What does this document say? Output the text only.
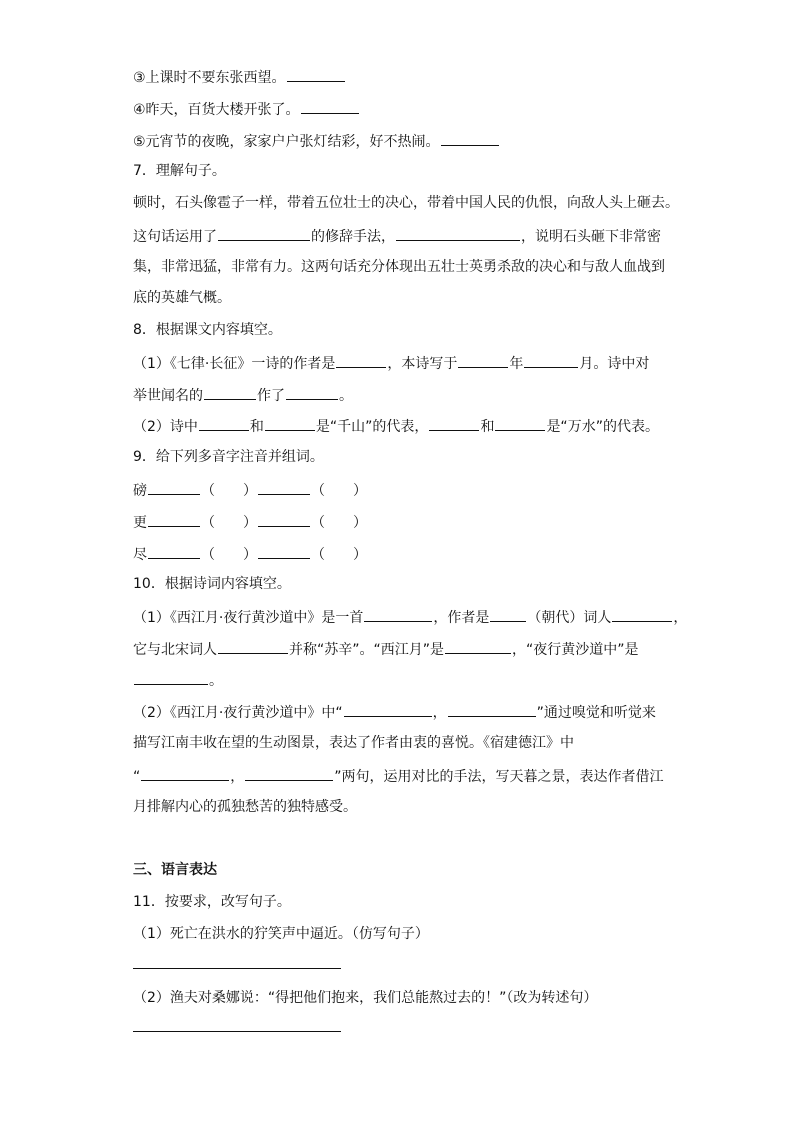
③上课时不要东张西望。
④昨天，百货大楼开张了。
⑤元宵节的夜晚，家家户户张灯结彩，好不热闹。
7．理解句子。
顿时，石头像雹子一样，带着五位壮士的决心，带着中国人民的仇恨，向敌人头上砸去。
这句话运用了	的修辞手法，	，说明石头砸下非常密
集，非常迅猛，非常有力。这两句话充分体现出五壮士英勇杀敌的决心和与敌人血战到
底的英雄气概。
8．根据课文内容填空。
（1）《七律·长征》一诗的作者是	，本诗写于	年	月。诗中对
举世闻名的	作了	。
（2）诗中	和	是“千山”的代表，	和	是“万水”的代表。
9．给下列多音字注音并组词。
磅	（ ）	（ ）
更	（ ）	（ ）
尽	（ ）	（ ）
10．根据诗词内容填空。
（1）《西江月·夜行黄沙道中》是一首	，作者是	（朝代）词人	，
它与北宋词人	并称“苏辛”。“西江月”是	，“夜行黄沙道中”是
。
（2）《西江月·夜行黄沙道中》中“	，	”通过嗅觉和听觉来
描写江南丰收在望的生动图景，表达了作者由衷的喜悦。《宿建德江》中
“	，	”两句，运用对比的手法，写天暮之景，表达作者借江
月排解内心的孤独愁苦的独特感受。
三、语言表达
11．按要求，改写句子。
（1）死亡在洪水的狞笑声中逼近。（仿写句子）
（2）渔夫对桑娜说：“得把他们抱来，我们总能熬过去的！”（改为转述句）
